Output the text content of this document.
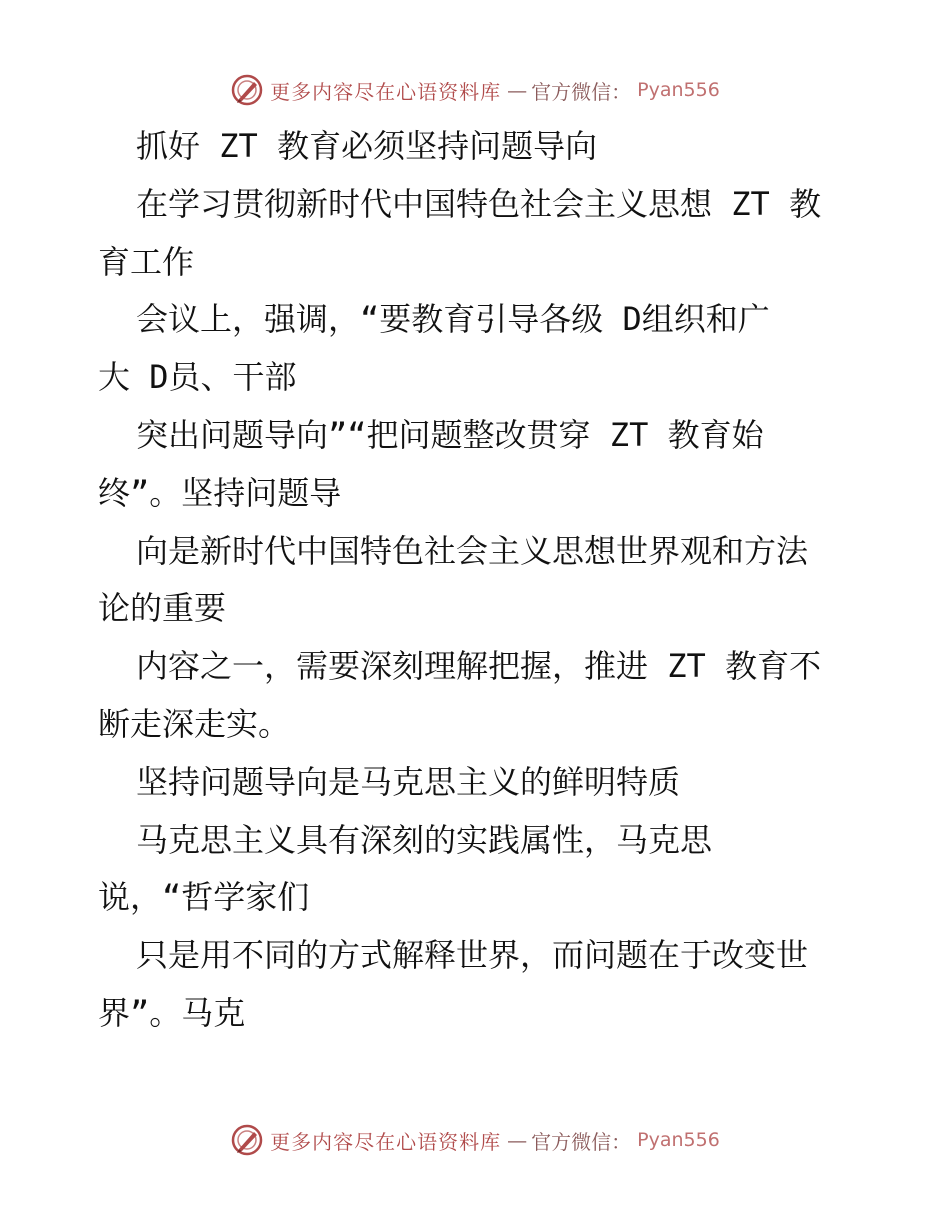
更多内容尽在心语资料库 — 官方微信： Pyan556
抓好 ZT 教育必须坚持问题导向
在学习贯彻新时代中国特色社会主义思想 ZT 教
育工作
会议上，强调，“要教育引导各级 D组织和广
大 D员、干部
突出问题导向”“把问题整改贯穿 ZT 教育始
终”。坚持问题导
向是新时代中国特色社会主义思想世界观和方法
论的重要
内容之一，需要深刻理解把握，推进 ZT 教育不
断走深走实。
坚持问题导向是马克思主义的鲜明特质
马克思主义具有深刻的实践属性，马克思
说，“哲学家们
只是用不同的方式解释世界，而问题在于改变世
界”。马克
更多内容尽在心语资料库 — 官方微信： Pyan556
